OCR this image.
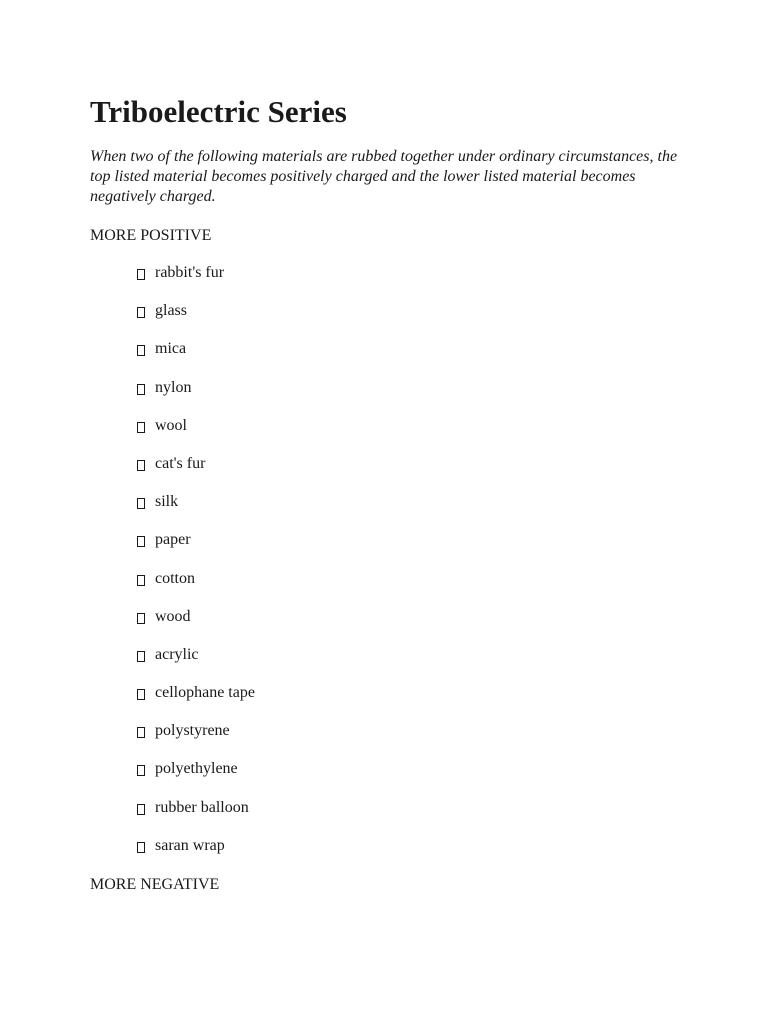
Triboelectric Series

When two of the following materials are rubbed together under ordinary circumstances, the top listed material becomes positively charged and the lower listed material becomes negatively charged.

MORE POSITIVE
rabbit's fur
glass
mica
nylon
wool
cat's fur
silk
paper
cotton
wood
acrylic
cellophane tape
polystyrene
polyethylene
rubber balloon
saran wrap
MORE NEGATIVE
